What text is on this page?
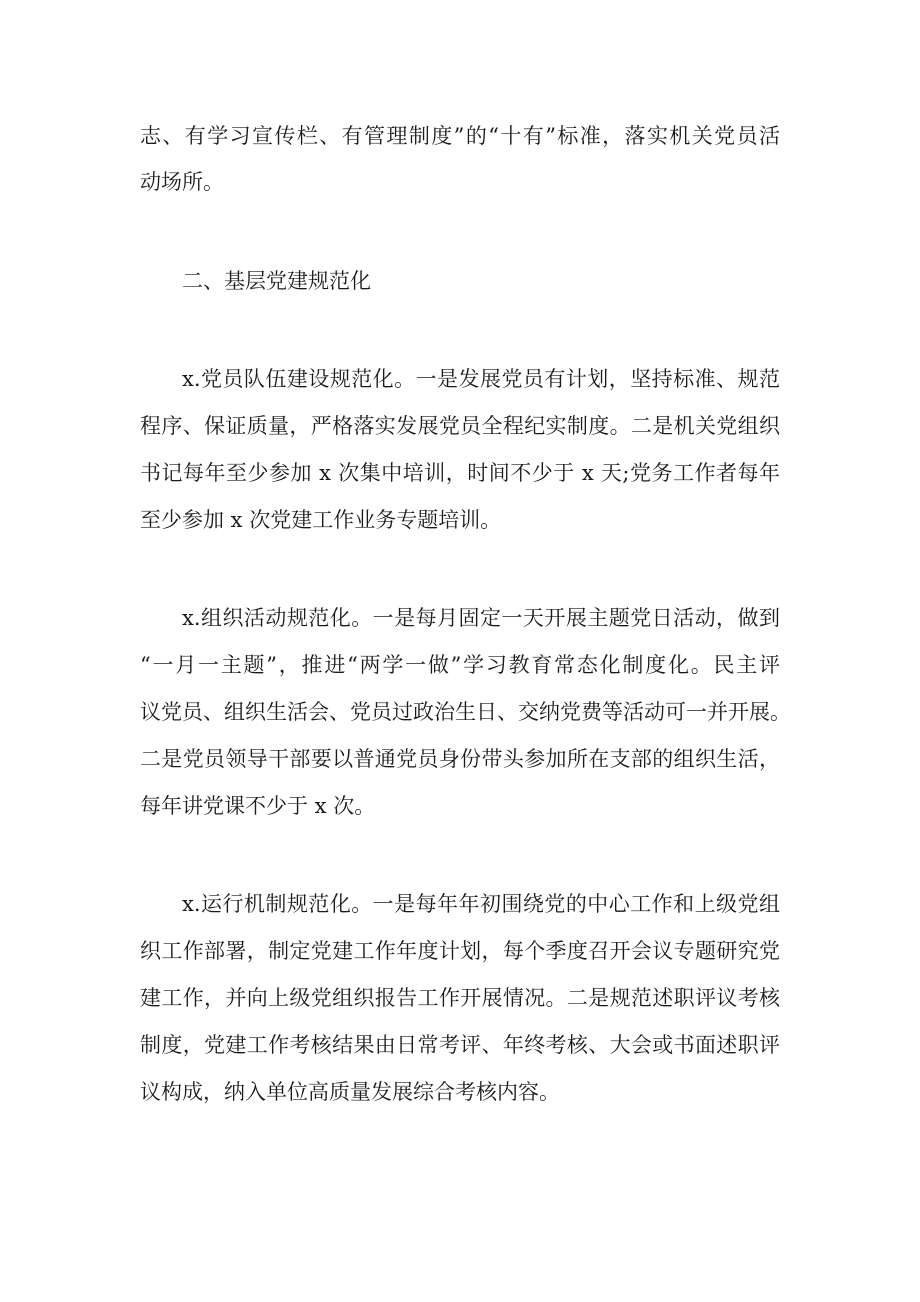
志、有学习宣传栏、有管理制度”的“十有”标准，落实机关党员活
动场所。
二、基层党建规范化
x.党员队伍建设规范化。一是发展党员有计划，坚持标准、规范
程序、保证质量，严格落实发展党员全程纪实制度。二是机关党组织
书记每年至少参加 x 次集中培训，时间不少于 x 天;党务工作者每年
至少参加 x 次党建工作业务专题培训。
x.组织活动规范化。一是每月固定一天开展主题党日活动，做到
“一月一主题”，推进“两学一做”学习教育常态化制度化。民主评
议党员、组织生活会、党员过政治生日、交纳党费等活动可一并开展。
二是党员领导干部要以普通党员身份带头参加所在支部的组织生活，
每年讲党课不少于 x 次。
x.运行机制规范化。一是每年年初围绕党的中心工作和上级党组
织工作部署，制定党建工作年度计划，每个季度召开会议专题研究党
建工作，并向上级党组织报告工作开展情况。二是规范述职评议考核
制度，党建工作考核结果由日常考评、年终考核、大会或书面述职评
议构成，纳入单位高质量发展综合考核内容。
